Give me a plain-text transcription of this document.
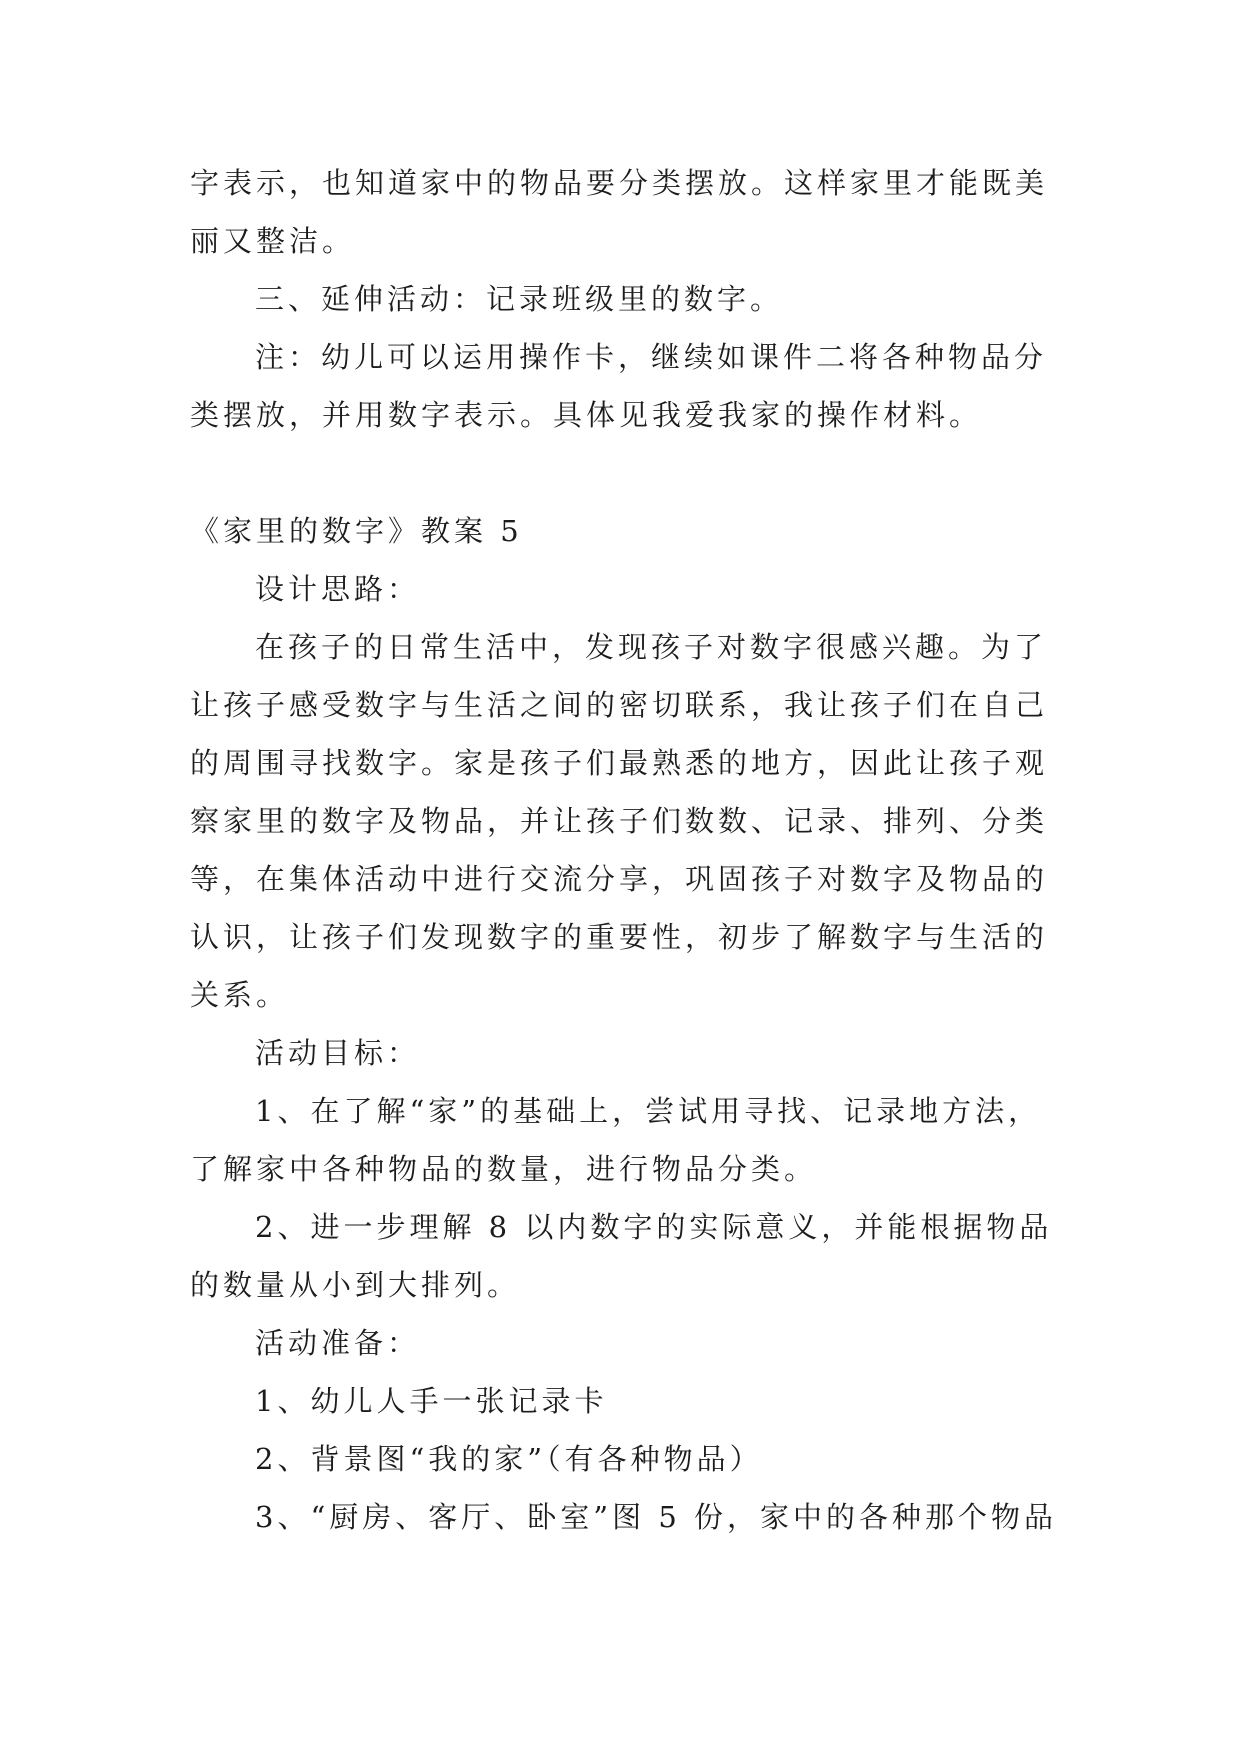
字表示，也知道家中的物品要分类摆放。这样家里才能既美
丽又整洁。
三、延伸活动：记录班级里的数字。
注：幼儿可以运用操作卡，继续如课件二将各种物品分
类摆放，并用数字表示。具体见我爱我家的操作材料。
《家里的数字》教案 5
设计思路：
在孩子的日常生活中，发现孩子对数字很感兴趣。为了
让孩子感受数字与生活之间的密切联系，我让孩子们在自己
的周围寻找数字。家是孩子们最熟悉的地方，因此让孩子观
察家里的数字及物品，并让孩子们数数、记录、排列、分类
等，在集体活动中进行交流分享，巩固孩子对数字及物品的
认识，让孩子们发现数字的重要性，初步了解数字与生活的
关系。
活动目标：
1、在了解“家”的基础上，尝试用寻找、记录地方法，
了解家中各种物品的数量，进行物品分类。
2、进一步理解 8 以内数字的实际意义，并能根据物品
的数量从小到大排列。
活动准备：
1、幼儿人手一张记录卡
2、背景图“我的家”（有各种物品）
3、“厨房、客厅、卧室”图 5 份，家中的各种那个物品
